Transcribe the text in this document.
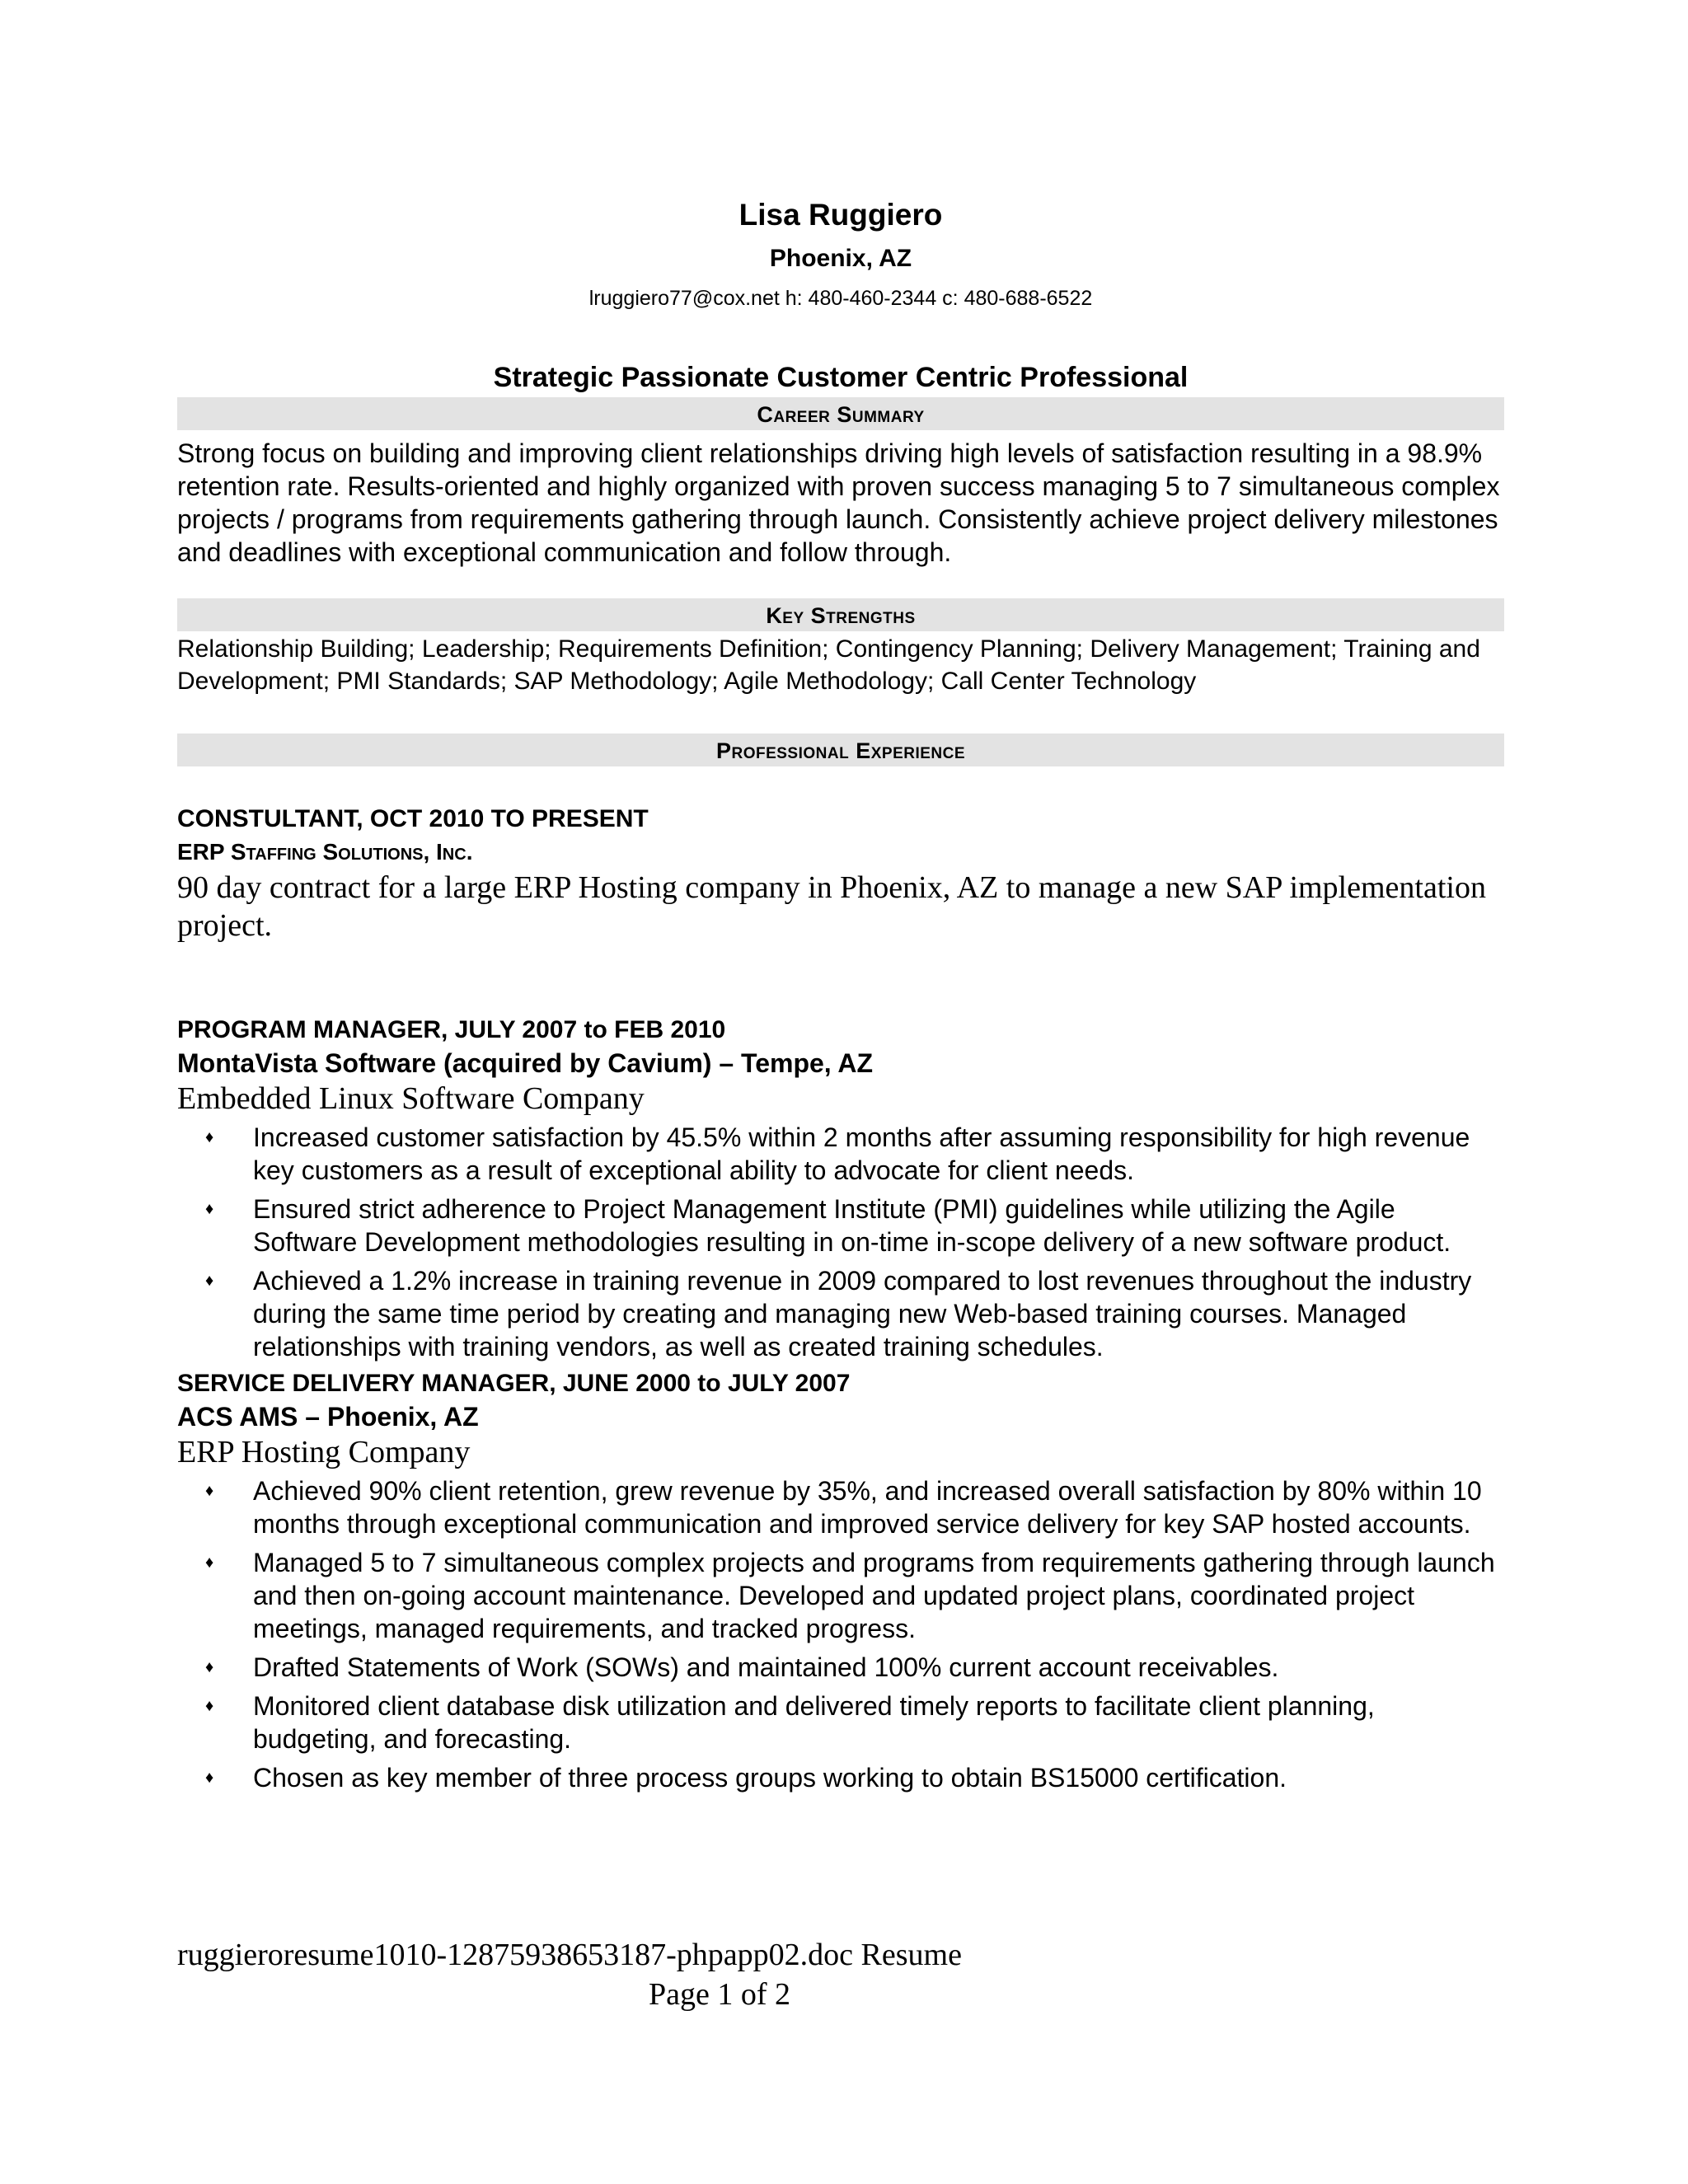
Lisa Ruggiero
Phoenix, AZ
lruggiero77@cox.net h: 480-460-2344 c: 480-688-6522
Strategic Passionate Customer Centric Professional
Career Summary
Strong focus on building and improving client relationships driving high levels of satisfaction resulting in a 98.9% retention rate. Results-oriented and highly organized with proven success managing 5 to 7 simultaneous complex projects / programs from requirements gathering through launch. Consistently achieve project delivery milestones and deadlines with exceptional communication and follow through.
Key Strengths
Relationship Building; Leadership; Requirements Definition; Contingency Planning; Delivery Management; Training and Development; PMI Standards; SAP Methodology; Agile Methodology; Call Center Technology
Professional Experience
CONSTULTANT, OCT 2010 TO PRESENT
ERP Staffing Solutions, Inc.
90 day contract for a large ERP Hosting company in Phoenix, AZ to manage a new SAP implementation project.
PROGRAM MANAGER, JULY 2007 to FEB 2010
MontaVista Software (acquired by Cavium) – Tempe, AZ
Embedded Linux Software Company
♦ Increased customer satisfaction by 45.5% within 2 months after assuming responsibility for high revenue key customers as a result of exceptional ability to advocate for client needs.
♦ Ensured strict adherence to Project Management Institute (PMI) guidelines while utilizing the Agile Software Development methodologies resulting in on-time in-scope delivery of a new software product.
♦ Achieved a 1.2% increase in training revenue in 2009 compared to lost revenues throughout the industry during the same time period by creating and managing new Web-based training courses. Managed relationships with training vendors, as well as created training schedules.
SERVICE DELIVERY MANAGER, JUNE 2000 to JULY 2007
ACS AMS – Phoenix, AZ
ERP Hosting Company
♦ Achieved 90% client retention, grew revenue by 35%, and increased overall satisfaction by 80% within 10 months through exceptional communication and improved service delivery for key SAP hosted accounts.
♦ Managed 5 to 7 simultaneous complex projects and programs from requirements gathering through launch and then on-going account maintenance. Developed and updated project plans, coordinated project meetings, managed requirements, and tracked progress.
♦ Drafted Statements of Work (SOWs) and maintained 100% current account receivables.
♦ Monitored client database disk utilization and delivered timely reports to facilitate client planning, budgeting, and forecasting.
♦ Chosen as key member of three process groups working to obtain BS15000 certification.
ruggieroresume1010-12875938653187-phpapp02.doc Resume
Page 1 of 2
